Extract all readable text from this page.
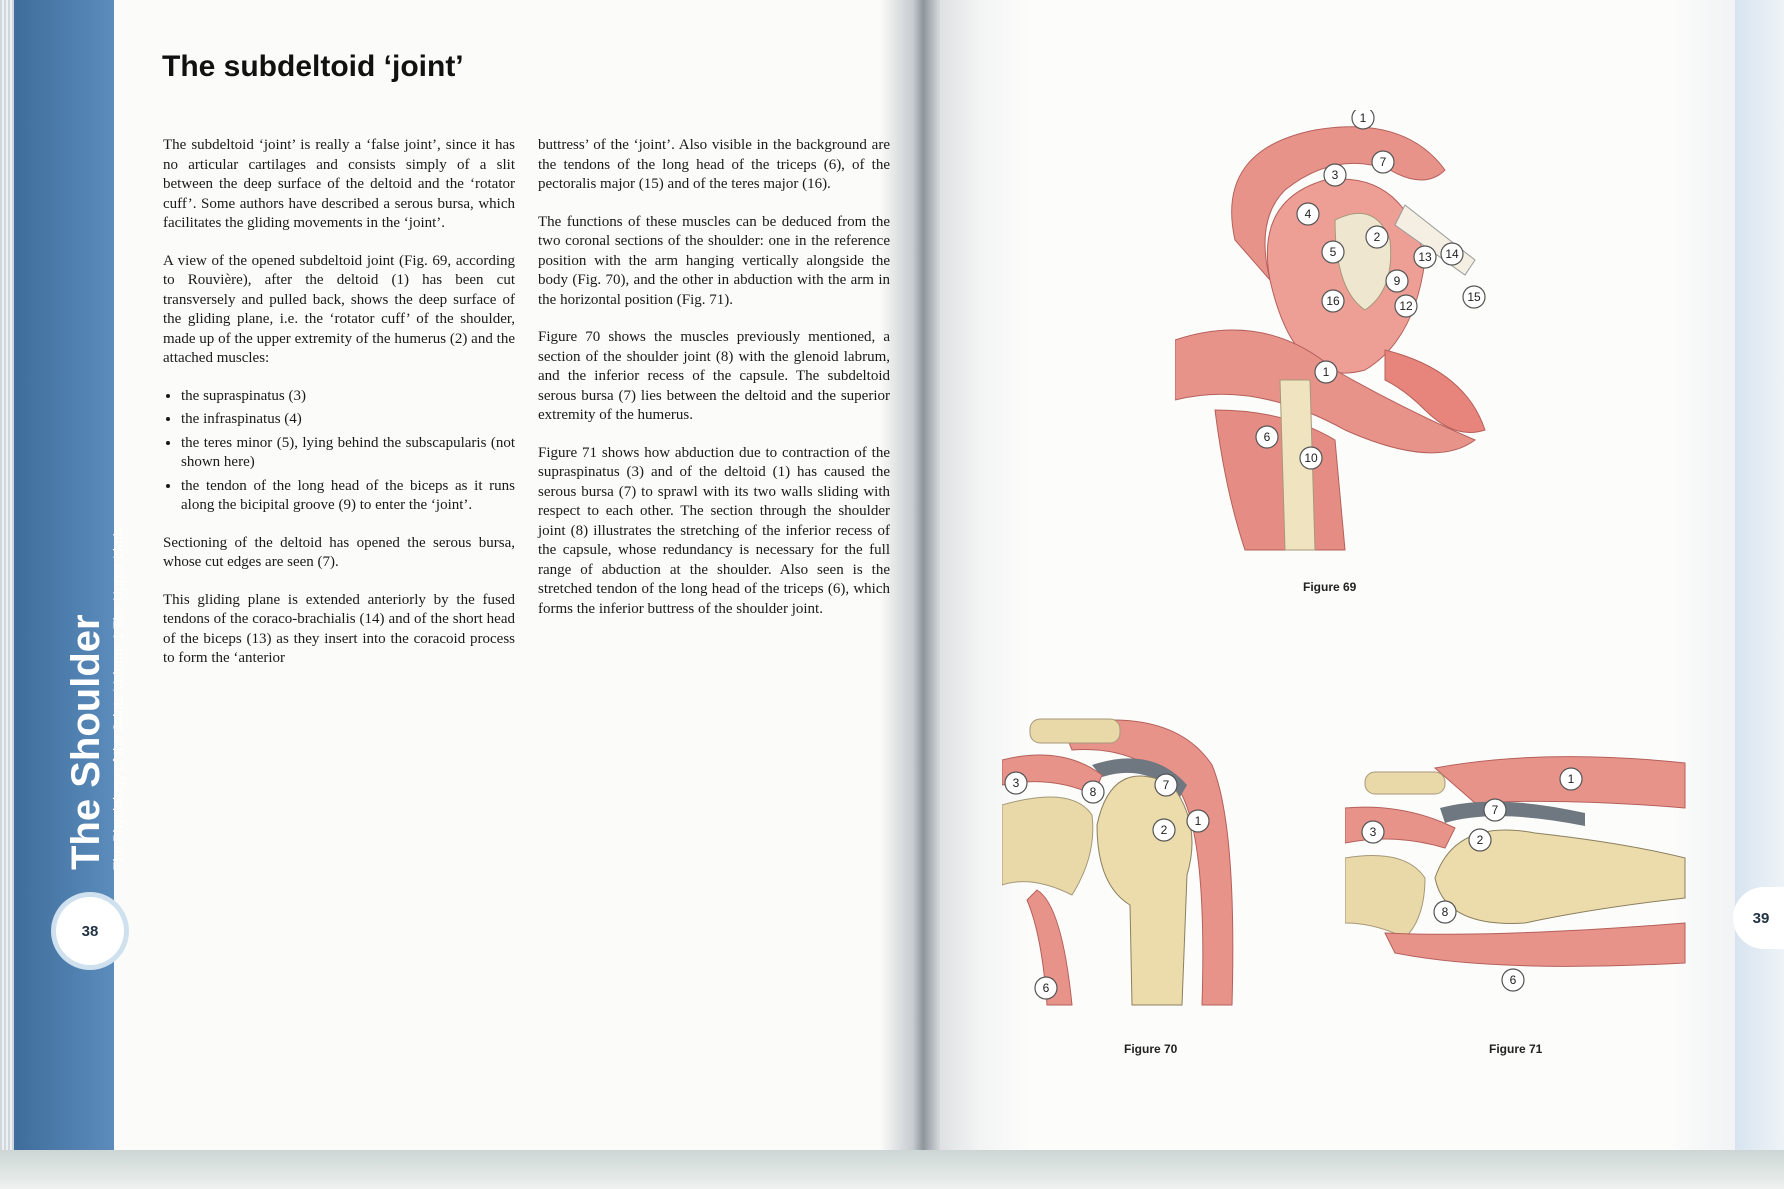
The Shoulder The Physiology of the Joints Volume 1 The Upper Limb
38
The subdeltoid ‘joint’

The subdeltoid ‘joint’ is really a ‘false joint’, since it has no articular cartilages and consists simply of a slit between the deep surface of the deltoid and the ‘rotator cuff’. Some authors have described a serous bursa, which facilitates the gliding movements in the ‘joint’.

A view of the opened subdeltoid joint (Fig. 69, according to Rouvière), after the deltoid (1) has been cut transversely and pulled back, shows the deep surface of the gliding plane, i.e. the ‘rotator cuff’ of the shoulder, made up of the upper extremity of the humerus (2) and the attached muscles:

• the supraspinatus (3)
• the infraspinatus (4)
• the teres minor (5), lying behind the subscapularis (not shown here)
• the tendon of the long head of the biceps as it runs along the bicipital groove (9) to enter the ‘joint’.

Sectioning of the deltoid has opened the serous bursa, whose cut edges are seen (7).

This gliding plane is extended anteriorly by the fused tendons of the coraco-brachialis (14) and of the short head of the biceps (13) as they insert into the coracoid process to form the ‘anterior

buttress’ of the ‘joint’. Also visible in the background are the tendons of the long head of the triceps (6), of the pectoralis major (15) and of the teres major (16).

The functions of these muscles can be deduced from the two coronal sections of the shoulder: one in the reference position with the arm hanging vertically alongside the body (Fig. 70), and the other in abduction with the arm in the horizontal position (Fig. 71).

Figure 70 shows the muscles previously mentioned, a section of the shoulder joint (8) with the glenoid labrum, and the inferior recess of the capsule. The subdeltoid serous bursa (7) lies between the deltoid and the superior extremity of the humerus.

Figure 71 shows how abduction due to contraction of the supraspinatus (3) and of the deltoid (1) has caused the serous bursa (7) to sprawl with its two walls sliding with respect to each other. The section through the shoulder joint (8) illustrates the stretching of the inferior recess of the capsule, whose redundancy is necessary for the full range of abduction at the shoulder. Also seen is the stretched tendon of the long head of the triceps (6), which forms the inferior buttress of the shoulder joint.

1
7
3
4
2
5	13 14
9
15
16	12
1
6
10
Figure 69
3
8	7
2
1
6
Figure 70
1
7
3
2
8
6
Figure 71
39
